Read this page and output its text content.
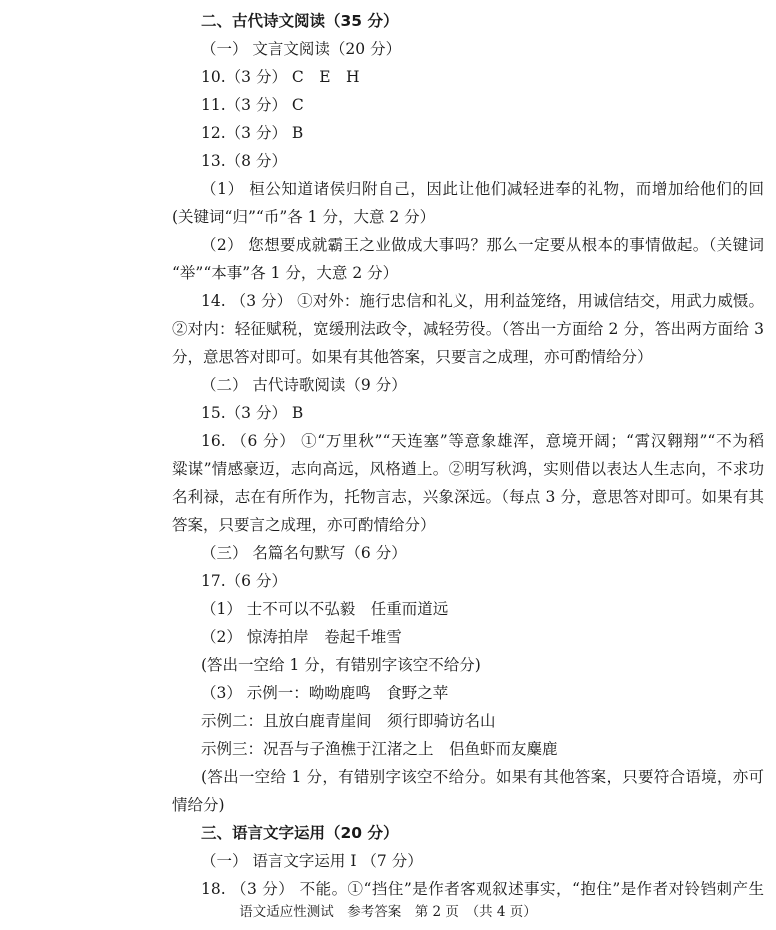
二、古代诗文阅读（35 分）
（一） 文言文阅读（20 分）
10.（3 分） C　E　H
11.（3 分） C
12.（3 分） B
13.（8 分）
（1） 桓公知道诸侯归附自己，因此让他们减轻进奉的礼物，而增加给他们的回
(关键词“归”“币”各 1 分，大意 2 分）
（2） 您想要成就霸王之业做成大事吗？那么一定要从根本的事情做起。（关键词
“举”“本事”各 1 分，大意 2 分）
14. （3 分） ①对外：施行忠信和礼义，用利益笼络，用诚信结交，用武力威慑。
②对内：轻征赋税，宽缓刑法政令，减轻劳役。（答出一方面给 2 分，答出两方面给 3
分，意思答对即可。如果有其他答案，只要言之成理，亦可酌情给分）
（二） 古代诗歌阅读（9 分）
15.（3 分） B
16. （6 分） ①“万里秋”“天连塞”等意象雄浑，意境开阔；“霄汉翱翔”“不为稻
粱谋”情感豪迈，志向高远，风格遒上。②明写秋鸿，实则借以表达人生志向，不求功
名利禄，志在有所作为，托物言志，兴象深远。（每点 3 分，意思答对即可。如果有其
答案，只要言之成理，亦可酌情给分）
（三） 名篇名句默写（6 分）
17.（6 分）
（1） 士不可以不弘毅　任重而道远
（2） 惊涛拍岸　卷起千堆雪
(答出一空给 1 分，有错别字该空不给分)
（3） 示例一：呦呦鹿鸣　食野之苹
示例二：且放白鹿青崖间　须行即骑访名山
示例三：况吾与子渔樵于江渚之上　侣鱼虾而友麋鹿
(答出一空给 1 分，有错别字该空不给分。如果有其他答案，只要符合语境，亦可
情给分)
三、语言文字运用（20 分）
（一） 语言文字运用 Ⅰ （7 分）
18. （3 分） 不能。①“挡住”是作者客观叙述事实，“抱住”是作者对铃铛刺产生
语文适应性测试　参考答案　第 2 页　（共 4 页）
